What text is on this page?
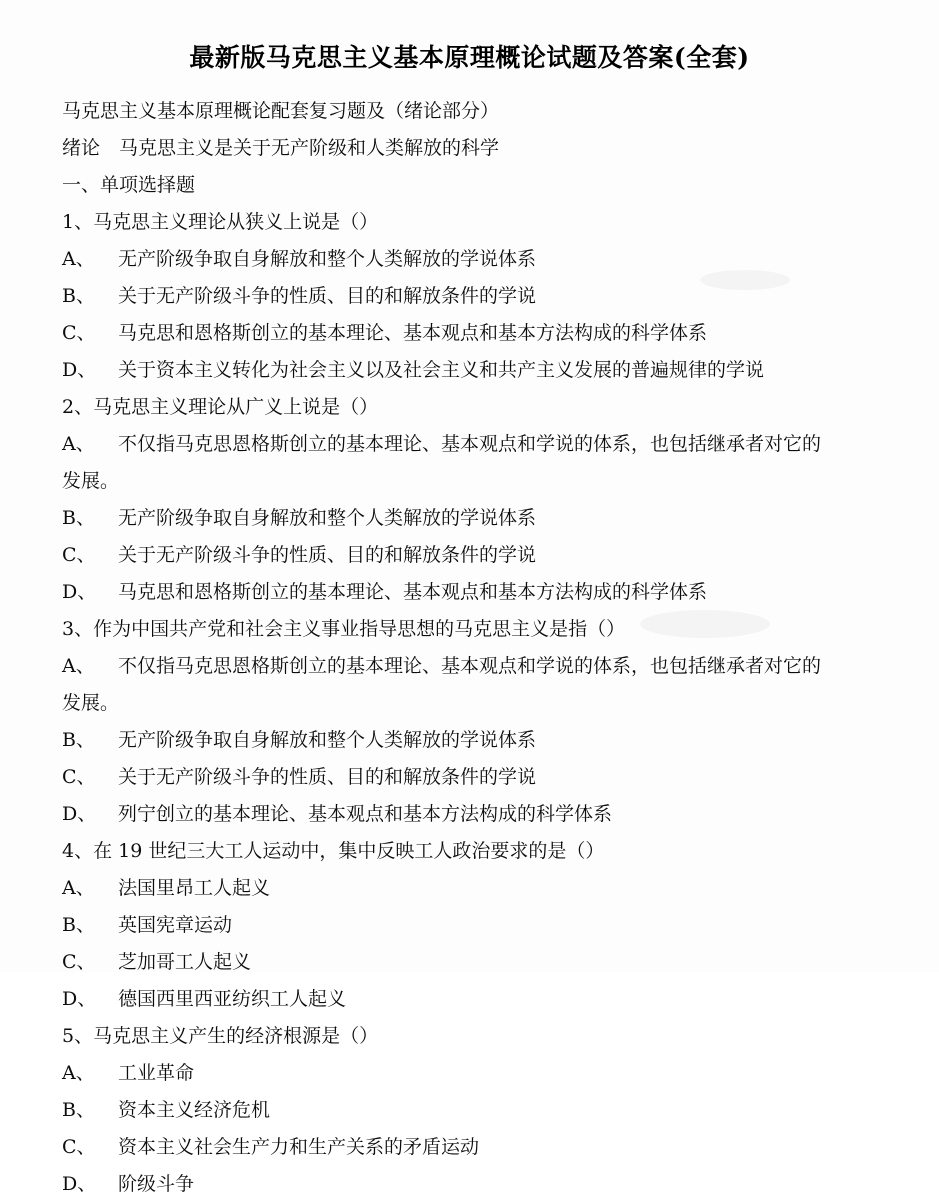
最新版马克思主义基本原理概论试题及答案(全套)
马克思主义基本原理概论配套复习题及（绪论部分）
绪论　马克思主义是关于无产阶级和人类解放的科学
一、单项选择题
1、马克思主义理论从狭义上说是（）
A、	无产阶级争取自身解放和整个人类解放的学说体系
B、	关于无产阶级斗争的性质、目的和解放条件的学说
C、	马克思和恩格斯创立的基本理论、基本观点和基本方法构成的科学体系
D、	关于资本主义转化为社会主义以及社会主义和共产主义发展的普遍规律的学说
2、马克思主义理论从广义上说是（）
A、	不仅指马克思恩格斯创立的基本理论、基本观点和学说的体系，也包括继承者对它的
发展。
B、	无产阶级争取自身解放和整个人类解放的学说体系
C、	关于无产阶级斗争的性质、目的和解放条件的学说
D、	马克思和恩格斯创立的基本理论、基本观点和基本方法构成的科学体系
3、作为中国共产党和社会主义事业指导思想的马克思主义是指（）
A、	不仅指马克思恩格斯创立的基本理论、基本观点和学说的体系，也包括继承者对它的
发展。
B、	无产阶级争取自身解放和整个人类解放的学说体系
C、	关于无产阶级斗争的性质、目的和解放条件的学说
D、	列宁创立的基本理论、基本观点和基本方法构成的科学体系
4、在 19 世纪三大工人运动中，集中反映工人政治要求的是（）
A、	法国里昂工人起义
B、	英国宪章运动
C、	芝加哥工人起义
D、	德国西里西亚纺织工人起义
5、马克思主义产生的经济根源是（）
A、	工业革命
B、	资本主义经济危机
C、	资本主义社会生产力和生产关系的矛盾运动
D、	阶级斗争
